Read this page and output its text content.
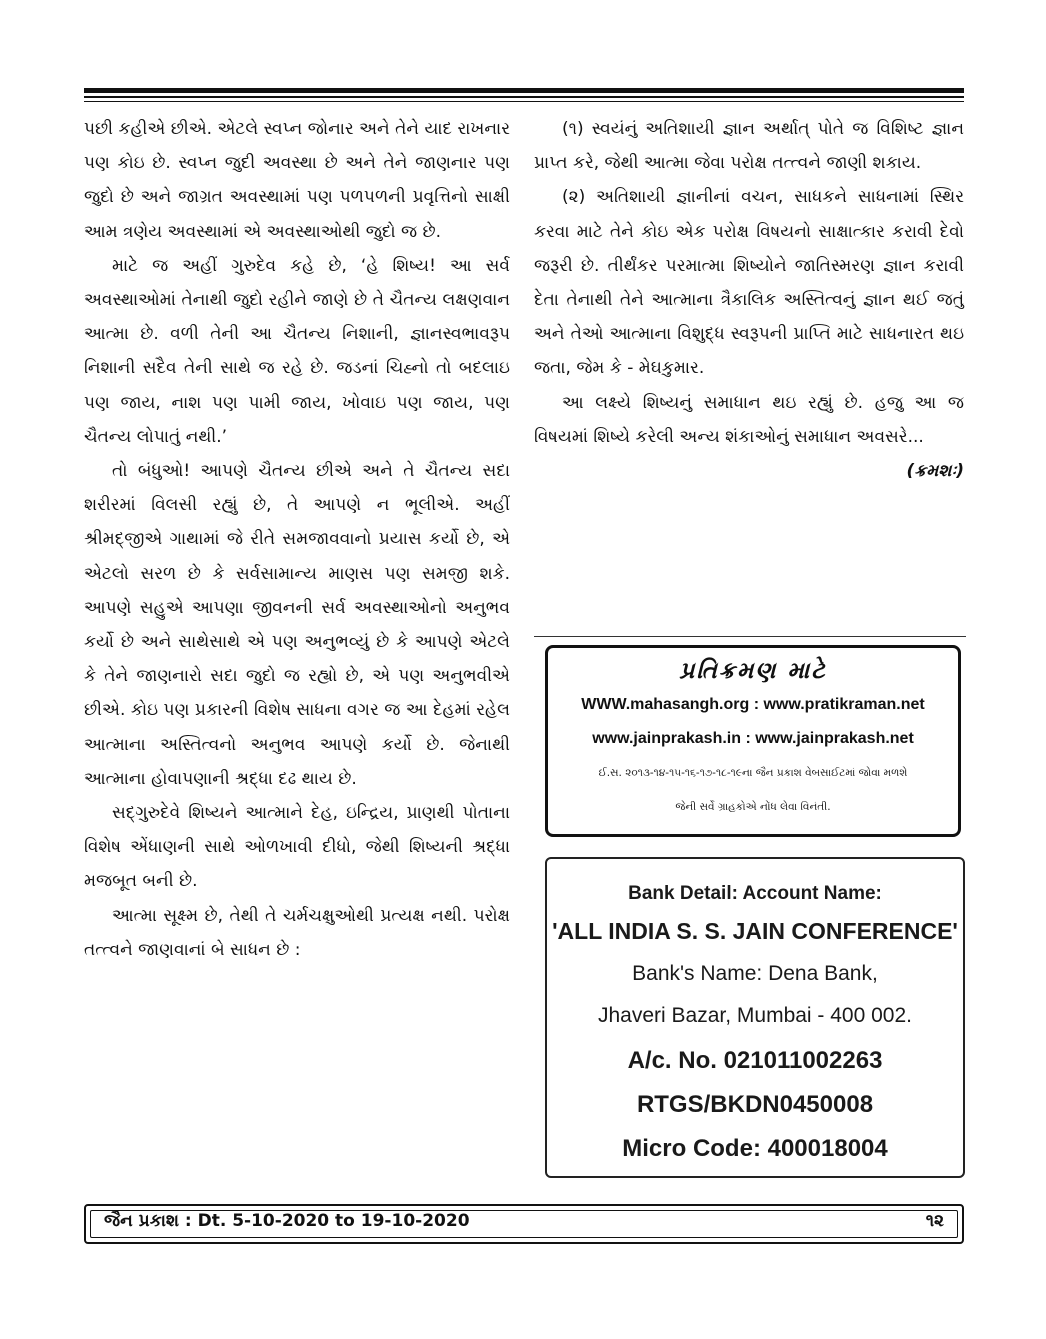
પછી કહીએ છીએ. એટલે સ્વપ્ન જોનાર અને તેને યાદ રાખનાર પણ કોઇ છે. સ્વપ્ન જુદી અવસ્થા છે અને તેને જાણનાર પણ જુદો છે અને જાગ્રત અવસ્થામાં પણ પળપળની પ્રવૃત્તિનો સાક્ષી આમ ત્રણેય અવસ્થામાં એ અવસ્થાઓથી જુદો જ છે.

માટે જ અહીં ગુરુદેવ કહે છે, ‘હે શિષ્ય! આ સર્વ અવસ્થાઓમાં તેનાથી જુદો રહીને જાણે છે તે ચૈતન્ય લક્ષણવાન આત્મા છે. વળી તેની આ ચૈતન્ય નિશાની, જ્ઞાનસ્વભાવરૂપ નિશાની સદૈવ તેની સાથે જ રહે છે. જડનાં ચિહ્નો તો બદલાઇ પણ જાય, નાશ પણ પામી જાય, ખોવાઇ પણ જાય, પણ ચૈતન્ય લોપાતું નથી.’

તો બંધુઓ! આપણે ચૈતન્ય છીએ અને તે ચૈતન્ય સદા શરીરમાં વિલસી રહ્યું છે, તે આપણે ન ભૂલીએ. અહીં શ્રીમદ્જીએ ગાથામાં જે રીતે સમજાવવાનો પ્રયાસ કર્યો છે, એ એટલો સરળ છે કે સર્વસામાન્ય માણસ પણ સમજી શકે. આપણે સહુએ આપણા જીવનની સર્વ અવસ્થાઓનો અનુભવ કર્યો છે અને સાથેસાથે એ પણ અનુભવ્યું છે કે આપણે એટલે કે તેને જાણનારો સદા જુદો જ રહ્યો છે, એ પણ અનુભવીએ છીએ. કોઇ પણ પ્રકારની વિશેષ સાધના વગર જ આ દેહમાં રહેલ આત્માના અસ્તિત્વનો અનુભવ આપણે કર્યો છે. જેનાથી આત્માના હોવાપણાની શ્રદ્ધા દઢ થાય છે.

સદ્‌ગુરુદેવે શિષ્યને આત્માને દેહ, ઇન્દ્રિય, પ્રાણથી પોતાના વિશેષ એંધાણની સાથે ઓળખાવી દીધો, જેથી શિષ્યની શ્રદ્ધા મજબૂત બની છે.

આત્મા સૂક્ષ્મ છે, તેથી તે ચર્મચક્ષુઓથી પ્રત્યક્ષ નથી. પરોક્ષ તત્ત્વને જાણવાનાં બે સાધન છે :

(૧) સ્વયંનું અતિશાયી જ્ઞાન અર્થાત્ પોતે જ વિશિષ્ટ જ્ઞાન પ્રાપ્ત કરે, જેથી આત્મા જેવા પરોક્ષ તત્ત્વને જાણી શકાય.

(૨) અતિશાયી જ્ઞાનીનાં વચન, સાધકને સાધનામાં સ્થિર કરવા માટે તેને કોઇ એક પરોક્ષ વિષયનો સાક્ષાત્કાર કરાવી દેવો જરૂરી છે. તીર્થંકર પરમાત્મા શિષ્યોને જાતિસ્મરણ જ્ઞાન કરાવી દેતા તેનાથી તેને આત્માના ત્રૈકાલિક અસ્તિત્વનું જ્ઞાન થઈ જતું અને તેઓ આત્માના વિશુદ્ધ સ્વરૂપની પ્રાપ્તિ માટે સાધનારત થઇ જતા, જેમ કે - મેઘકુમાર.

આ લક્ષ્યે શિષ્યનું સમાધાન થઇ રહ્યું છે. હજુ આ જ વિષયમાં શિષ્યે કરેલી અન્ય શંકાઓનું સમાધાન અવસરે...
(ક્રમશઃ)

પ્રતિક્રમણ માટે
WWW.mahasangh.org : www.pratikraman.net
www.jainprakash.in : www.jainprakash.net
ઈ.સ. ૨૦૧૩-૧૪-૧૫-૧૬-૧૭-૧૮-૧૯ના જૈન પ્રકાશ વેબસાઈટમાં જોવા મળશે
જેની સર્વે ગ્રાહકોએ નોંધ લેવા વિનંતી.
Bank Detail: Account Name:
'ALL INDIA S. S. JAIN CONFERENCE'
Bank's Name: Dena Bank,
Jhaveri Bazar, Mumbai - 400 002.
A/c. No. 021011002263
RTGS/BKDN0450008
Micro Code: 400018004
જૈન પ્રકાશ : Dt. 5-10-2020 to 19-10-2020	૧૨
